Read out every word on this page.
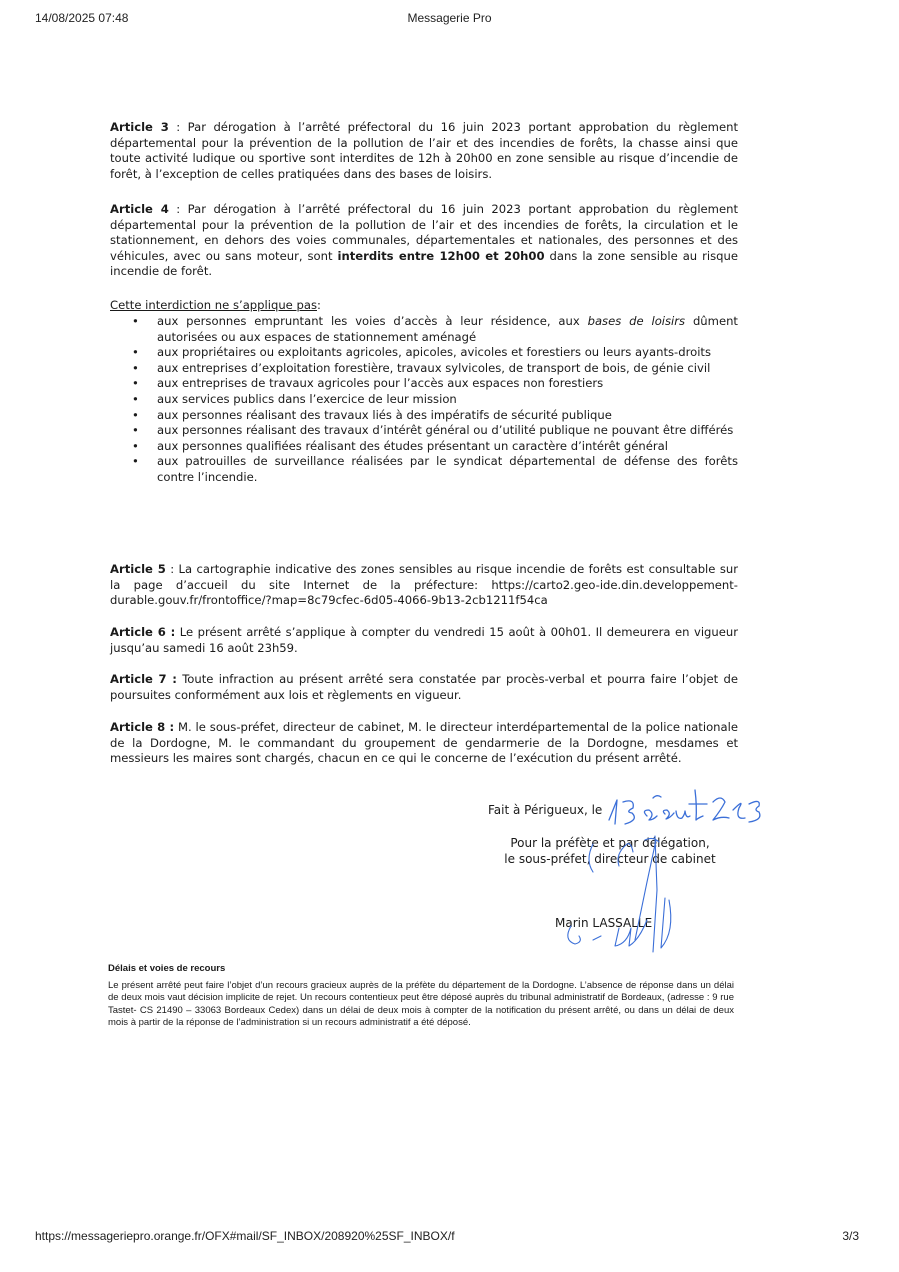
14/08/2025 07:48	Messagerie Pro

Article 3 : Par dérogation à l’arrêté préfectoral du 16 juin 2023 portant approbation du règlement départemental pour la prévention de la pollution de l’air et des incendies de forêts, la chasse ainsi que toute activité ludique ou sportive sont interdites de 12h à 20h00 en zone sensible au risque d’incendie de forêt, à l’exception de celles pratiquées dans des bases de loisirs.

Article 4 : Par dérogation à l’arrêté préfectoral du 16 juin 2023 portant approbation du règlement départemental pour la prévention de la pollution de l’air et des incendies de forêts, la circulation et le stationnement, en dehors des voies communales, départementales et nationales, des personnes et des véhicules, avec ou sans moteur, sont interdits entre 12h00 et 20h00 dans la zone sensible au risque incendie de forêt.

Cette interdiction ne s’applique pas:

• aux personnes empruntant les voies d’accès à leur résidence, aux bases de loisirs dûment autorisées ou aux espaces de stationnement aménagé
• aux propriétaires ou exploitants agricoles, apicoles, avicoles et forestiers ou leurs ayants-droits
• aux entreprises d’exploitation forestière, travaux sylvicoles, de transport de bois, de génie civil
• aux entreprises de travaux agricoles pour l’accès aux espaces non forestiers
• aux services publics dans l’exercice de leur mission
• aux personnes réalisant des travaux liés à des impératifs de sécurité publique
• aux personnes réalisant des travaux d’intérêt général ou d’utilité publique ne pouvant être différés
• aux personnes qualifiées réalisant des études présentant un caractère d’intérêt général
• aux patrouilles de surveillance réalisées par le syndicat départemental de défense des forêts contre l’incendie.

Article 5 : La cartographie indicative des zones sensibles au risque incendie de forêts est consultable sur la page d’accueil du site Internet de la préfecture: https://carto2.geo-ide.din.developpement-durable.gouv.fr/frontoffice/?map=8c79cfec-6d05-4066-9b13-2cb1211f54ca

Article 6 : Le présent arrêté s’applique à compter du vendredi 15 août à 00h01. Il demeurera en vigueur jusqu’au samedi 16 août 23h59.

Article 7 : Toute infraction au présent arrêté sera constatée par procès-verbal et pourra faire l’objet de poursuites conformément aux lois et règlements en vigueur.

Article 8 : M. le sous-préfet, directeur de cabinet, M. le directeur interdépartemental de la police nationale de la Dordogne, M. le commandant du groupement de gendarmerie de la Dordogne, mesdames et messieurs les maires sont chargés, chacun en ce qui le concerne de l’exécution du présent arrêté.

Fait à Périgueux, le
Pour la préfète et par délégation,
le sous-préfet, directeur de cabinet
Marin LASSALLE
Délais et voies de recours

Le présent arrêté peut faire l’objet d’un recours gracieux auprès de la préfète du département de la Dordogne. L’absence de réponse dans un délai de deux mois vaut décision implicite de rejet. Un recours contentieux peut être déposé auprès du tribunal administratif de Bordeaux, (adresse : 9 rue Tastet- CS 21490 – 33063 Bordeaux Cedex) dans un délai de deux mois à compter de la notification du présent arrêté, ou dans un délai de deux mois à partir de la réponse de l’administration si un recours administratif a été déposé.

https://messageriepro.orange.fr/OFX#mail/SF_INBOX/208920%25SF_INBOX/f	3/3
